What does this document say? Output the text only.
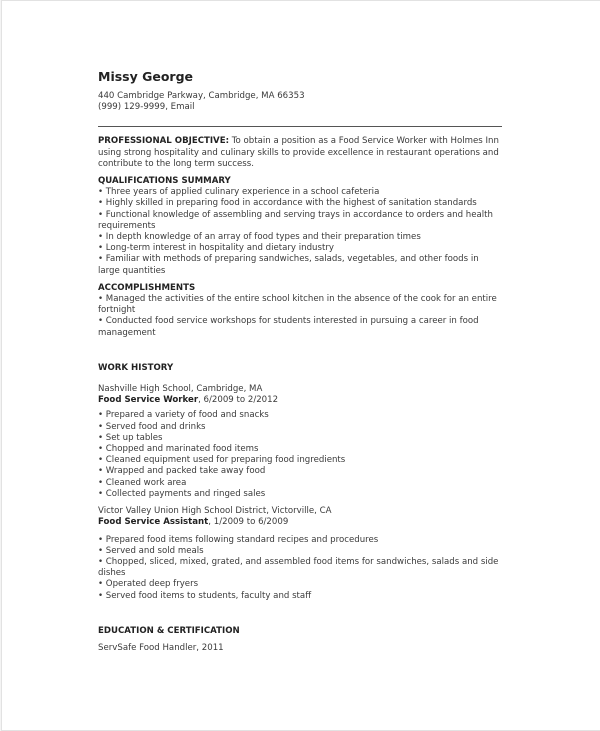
Missy George
440 Cambridge Parkway, Cambridge, MA 66353
(999) 129-9999, Email
PROFESSIONAL OBJECTIVE: To obtain a position as a Food Service Worker with Holmes Inn using strong hospitality and culinary skills to provide excellence in restaurant operations and contribute to the long term success.
QUALIFICATIONS SUMMARY
• Three years of applied culinary experience in a school cafeteria
• Highly skilled in preparing food in accordance with the highest of sanitation standards
• Functional knowledge of assembling and serving trays in accordance to orders and health requirements
• In depth knowledge of an array of food types and their preparation times
• Long-term interest in hospitality and dietary industry
• Familiar with methods of preparing sandwiches, salads, vegetables, and other foods in large quantities
ACCOMPLISHMENTS
• Managed the activities of the entire school kitchen in the absence of the cook for an entire fortnight
• Conducted food service workshops for students interested in pursuing a career in food management
WORK HISTORY
Nashville High School, Cambridge, MA
Food Service Worker, 6/2009 to 2/2012
• Prepared a variety of food and snacks
• Served food and drinks
• Set up tables
• Chopped and marinated food items
• Cleaned equipment used for preparing food ingredients
• Wrapped and packed take away food
• Cleaned work area
• Collected payments and ringed sales
Victor Valley Union High School District, Victorville, CA
Food Service Assistant, 1/2009 to 6/2009
• Prepared food items following standard recipes and procedures
• Served and sold meals
• Chopped, sliced, mixed, grated, and assembled food items for sandwiches, salads and side dishes
• Operated deep fryers
• Served food items to students, faculty and staff
EDUCATION & CERTIFICATION
ServSafe Food Handler, 2011
